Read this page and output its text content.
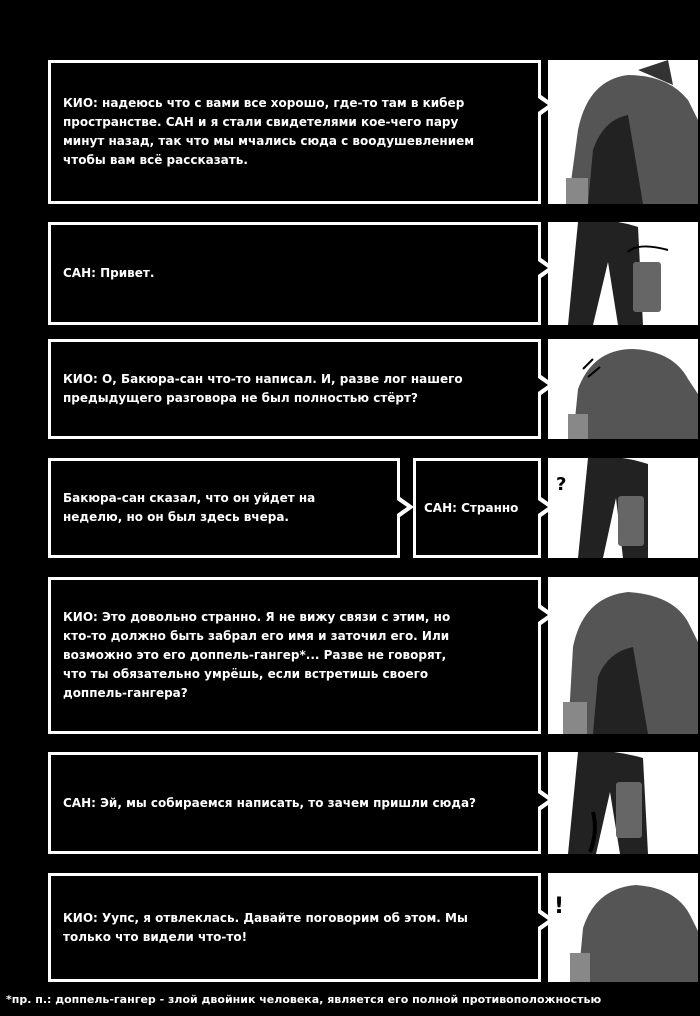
КИО: надеюсь что с вами все хорошо, где-то там в кибер
пространстве. САН и я стали свидетелями кое-чего пару
минут назад, так что мы мчались сюда с воодушевлением
чтобы вам всё рассказать.
САН: Привет.
КИО: О, Бакюра-сан что-то написал. И, разве лог нашего
предыдущего разговора не был полностью стёрт?
Бакюра-сан сказал, что он уйдет на
неделю, но он был здесь вчера.
САН: Странно
?
КИО: Это довольно странно. Я не вижу связи с этим, но
кто-то должно быть забрал его имя и заточил его. Или
возможно это его доппель-гангер*... Разве не говорят,
что ты обязательно умрёшь, если встретишь своего
доппель-гангера?
САН: Эй, мы собираемся написать, то зачем пришли сюда?
КИО: Уупс, я отвлеклась. Давайте поговорим об этом. Мы
только что видели что-то!
!
*пр. п.: доппель-гангер - злой двойник человека, является его полной противоположностью
